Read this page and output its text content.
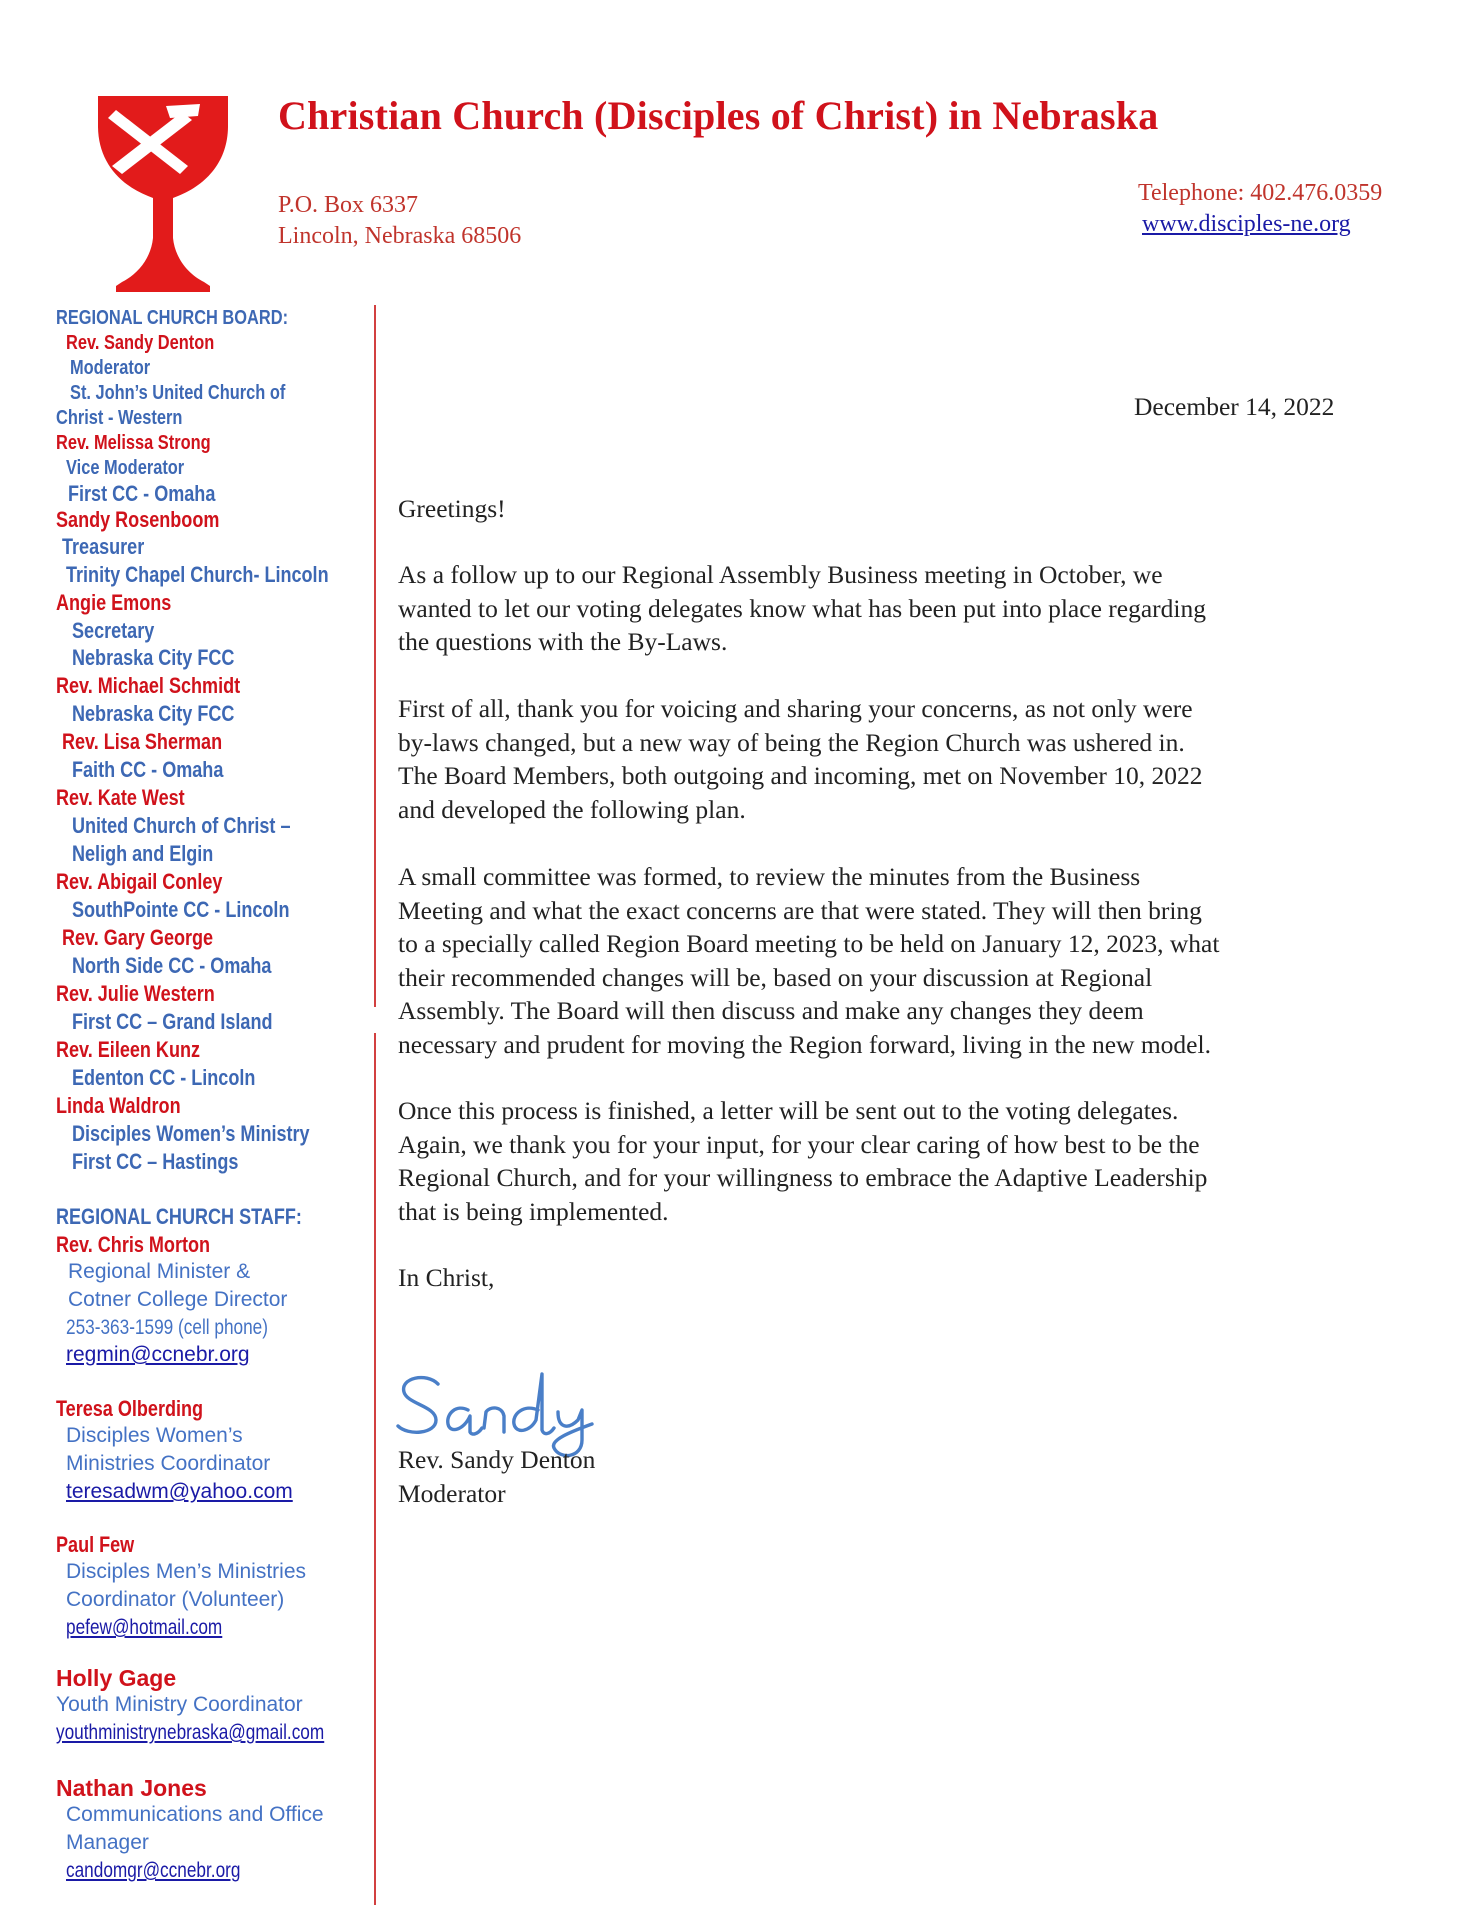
Christian Church (Disciples of Christ) in Nebraska
P.O. Box 6337
Lincoln, Nebraska 68506
Telephone: 402.476.0359
www.disciples-ne.org
REGIONAL CHURCH BOARD:
Rev. Sandy Denton
Moderator
St. John’s United Church of
Christ - Western
Rev. Melissa Strong
Vice Moderator
First CC - Omaha
Sandy Rosenboom
Treasurer
Trinity Chapel Church- Lincoln
Angie Emons
Secretary
Nebraska City FCC
Rev. Michael Schmidt
Nebraska City FCC
Rev. Lisa Sherman
Faith CC - Omaha
Rev. Kate West
United Church of Christ –
Neligh and Elgin
Rev. Abigail Conley
SouthPointe CC - Lincoln
Rev. Gary George
North Side CC - Omaha
Rev. Julie Western
First CC – Grand Island
Rev. Eileen Kunz
Edenton CC - Lincoln
Linda Waldron
Disciples Women’s Ministry
First CC – Hastings
REGIONAL CHURCH STAFF:
Rev. Chris Morton
Regional Minister &
Cotner College Director
253-363-1599 (cell phone)
regmin@ccnebr.org
Teresa Olberding
Disciples Women’s
Ministries Coordinator
teresadwm@yahoo.com
Paul Few
Disciples Men’s Ministries
Coordinator (Volunteer)
pefew@hotmail.com
Holly Gage
Youth Ministry Coordinator
youthministrynebraska@gmail.com
Nathan Jones
Communications and Office
Manager
candomgr@ccnebr.org
December 14, 2022
Greetings!
As a follow up to our Regional Assembly Business meeting in October, we
wanted to let our voting delegates know what has been put into place regarding
the questions with the By-Laws.
First of all, thank you for voicing and sharing your concerns, as not only were
by-laws changed, but a new way of being the Region Church was ushered in.
The Board Members, both outgoing and incoming, met on November 10, 2022
and developed the following plan.
A small committee was formed, to review the minutes from the Business
Meeting and what the exact concerns are that were stated. They will then bring
to a specially called Region Board meeting to be held on January 12, 2023, what
their recommended changes will be, based on your discussion at Regional
Assembly. The Board will then discuss and make any changes they deem
necessary and prudent for moving the Region forward, living in the new model.
Once this process is finished, a letter will be sent out to the voting delegates.
Again, we thank you for your input, for your clear caring of how best to be the
Regional Church, and for your willingness to embrace the Adaptive Leadership
that is being implemented.
In Christ,
Rev. Sandy Denton
Moderator
